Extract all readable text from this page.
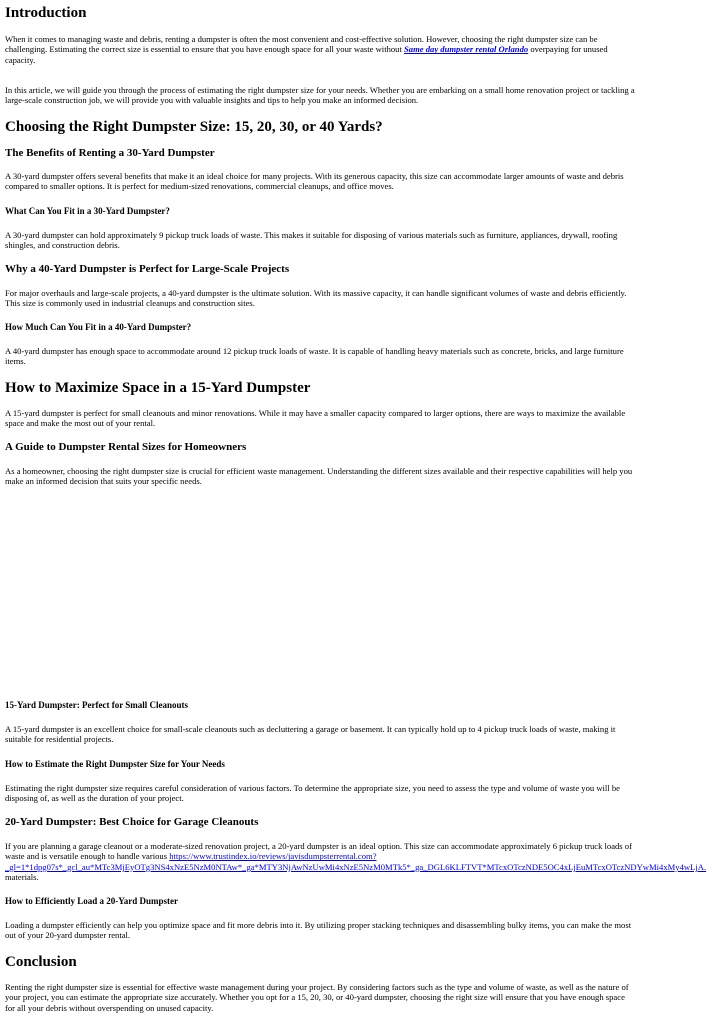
Introduction

When it comes to managing waste and debris, renting a dumpster is often the most convenient and cost-effective solution. However, choosing the right dumpster size can be
challenging. Estimating the correct size is essential to ensure that you have enough space for all your waste without Same day dumpster rental Orlando overpaying for unused
capacity.

In this article, we will guide you through the process of estimating the right dumpster size for your needs. Whether you are embarking on a small home renovation project or tackling a
large-scale construction job, we will provide you with valuable insights and tips to help you make an informed decision.

Choosing the Right Dumpster Size: 15, 20, 30, or 40 Yards?
The Benefits of Renting a 30-Yard Dumpster

A 30-yard dumpster offers several benefits that make it an ideal choice for many projects. With its generous capacity, this size can accommodate larger amounts of waste and debris
compared to smaller options. It is perfect for medium-sized renovations, commercial cleanups, and office moves.

What Can You Fit in a 30-Yard Dumpster?

A 30-yard dumpster can hold approximately 9 pickup truck loads of waste. This makes it suitable for disposing of various materials such as furniture, appliances, drywall, roofing
shingles, and construction debris.

Why a 40-Yard Dumpster is Perfect for Large-Scale Projects

For major overhauls and large-scale projects, a 40-yard dumpster is the ultimate solution. With its massive capacity, it can handle significant volumes of waste and debris efficiently.
This size is commonly used in industrial cleanups and construction sites.

How Much Can You Fit in a 40-Yard Dumpster?

A 40-yard dumpster has enough space to accommodate around 12 pickup truck loads of waste. It is capable of handling heavy materials such as concrete, bricks, and large furniture
items.

How to Maximize Space in a 15-Yard Dumpster

A 15-yard dumpster is perfect for small cleanouts and minor renovations. While it may have a smaller capacity compared to larger options, there are ways to maximize the available
space and make the most out of your rental.

A Guide to Dumpster Rental Sizes for Homeowners

As a homeowner, choosing the right dumpster size is crucial for efficient waste management. Understanding the different sizes available and their respective capabilities will help you
make an informed decision that suits your specific needs.

15-Yard Dumpster: Perfect for Small Cleanouts

A 15-yard dumpster is an excellent choice for small-scale cleanouts such as decluttering a garage or basement. It can typically hold up to 4 pickup truck loads of waste, making it
suitable for residential projects.

How to Estimate the Right Dumpster Size for Your Needs

Estimating the right dumpster size requires careful consideration of various factors. To determine the appropriate size, you need to assess the type and volume of waste you will be
disposing of, as well as the duration of your project.

20-Yard Dumpster: Best Choice for Garage Cleanouts

If you are planning a garage cleanout or a moderate-sized renovation project, a 20-yard dumpster is an ideal option. This size can accommodate approximately 6 pickup truck loads of
waste and is versatile enough to handle various https://www.trustindex.io/reviews/javisdumpsterrental.com?
_gl=1*1dpg07s*_gcl_au*MTc3MjEyOTg3NS4xNzE5NzM0NTAw*_ga*MTY3NjAwNzUwMi4xNzE5NzM0MTk5*_ga_DGL6KLFTVT*MTcxOTczNDE5OC4xLjEuMTcxOTczNDYwMi4xMy4wLjA.
materials.

How to Efficiently Load a 20-Yard Dumpster

Loading a dumpster efficiently can help you optimize space and fit more debris into it. By utilizing proper stacking techniques and disassembling bulky items, you can make the most
out of your 20-yard dumpster rental.

Conclusion

Renting the right dumpster size is essential for effective waste management during your project. By considering factors such as the type and volume of waste, as well as the nature of
your project, you can estimate the appropriate size accurately. Whether you opt for a 15, 20, 30, or 40-yard dumpster, choosing the right size will ensure that you have enough space
for all your debris without overspending on unused capacity.
